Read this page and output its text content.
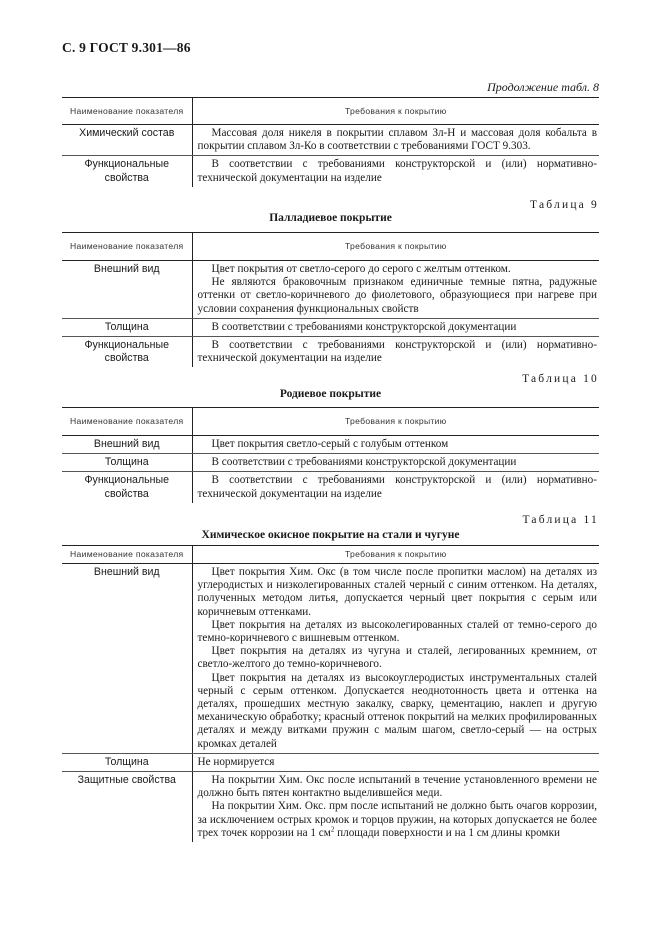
С. 9 ГОСТ 9.301—86
Продолжение табл. 8
Наименование показателя	Требования к покрытию
Химический состав	Массовая доля никеля в покрытии сплавом Зл-Н и массовая доля кобальта в покрытии сплавом Зл-Ко в соответствии с требованиями ГОСТ 9.303.

Функциональные свойства	В соответствии с требованиями конструкторской и (или) нормативно-технической документации на изделие

Таблица 9
Палладиевое покрытие
Наименование показателя	Требования к покрытию
Внешний вид	Цвет покрытия от светло-серого до серого с желтым оттенком.

Не являются браковочным признаком единичные темные пятна, радужные оттенки от светло-коричневого до фиолетового, образующиеся при нагреве при условии сохранения функциональных свойств

Толщина	В соответствии с требованиями конструкторской документации

Функциональные свойства	В соответствии с требованиями конструкторской и (или) нормативно-технической документации на изделие

Таблица 10
Родиевое покрытие
Наименование показателя	Требования к покрытию
Внешний вид	Цвет покрытия светло-серый с голубым оттенком

Толщина	В соответствии с требованиями конструкторской документации

Функциональные свойства	В соответствии с требованиями конструкторской и (или) нормативно-технической документации на изделие

Таблица 11
Химическое окисное покрытие на стали и чугуне
Наименование показателя	Требования к покрытию
Внешний вид	Цвет покрытия Хим. Окс (в том числе после пропитки маслом) на деталях из углеродистых и низколегированных сталей черный с синим оттенком. На деталях, полученных методом литья, допускается черный цвет покрытия с серым или коричневым оттенками.

Цвет покрытия на деталях из высоколегированных сталей от темно-серого до темно-коричневого с вишневым оттенком.

Цвет покрытия на деталях из чугуна и сталей, легированных кремнием, от светло-желтого до темно-коричневого.

Цвет покрытия на деталях из высокоуглеродистых инструментальных сталей черный с серым оттенком. Допускается неоднотонность цвета и оттенка на деталях, прошедших местную закалку, сварку, цементацию, наклеп и другую механическую обработку; красный оттенок покрытий на мелких профилированных деталях и между витками пружин с малым шагом, светло-серый — на острых кромках деталей

Толщина	Не нормируется

Защитные свойства	На покрытии Хим. Окс после испытаний в течение установленного времени не должно быть пятен контактно выделившейся меди.

На покрытии Хим. Окс. прм после испытаний не должно быть очагов коррозии, за исключением острых кромок и торцов пружин, на которых допускается не более трех точек коррозии на 1 $см^2$ площади поверхности и на 1 см длины кромки
